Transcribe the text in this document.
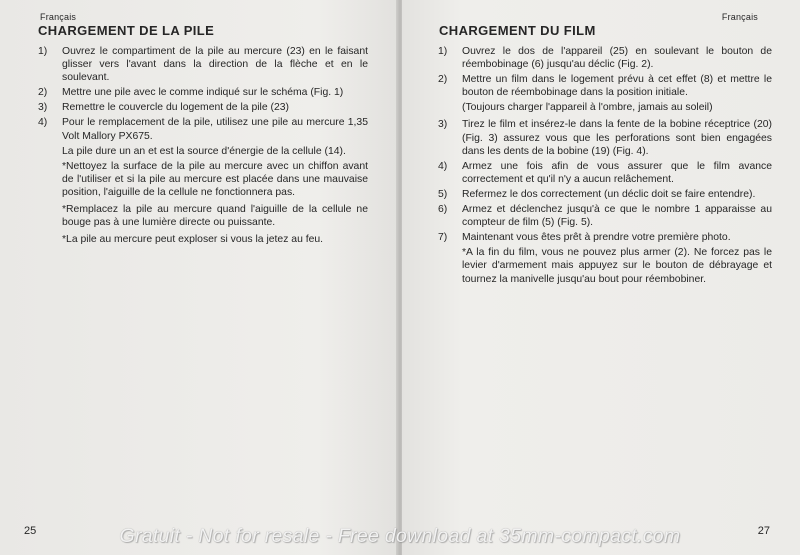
Français
CHARGEMENT DE LA PILE
1)	Ouvrez le compartiment de la pile au mercure (23) en le faisant glisser vers l'avant dans la direction de la flèche et en le soulevant.
2)	Mettre une pile avec le comme indiqué sur le schéma (Fig. 1)
3)	Remettre le couvercle du logement de la pile (23)
4)	Pour le remplacement de la pile, utilisez une pile au mercure 1,35 Volt Mallory PX675.

La pile dure un an et est la source d'énergie de la cellule (14).

*Nettoyez la surface de la pile au mercure avec un chiffon avant de l'utiliser et si la pile au mercure est placée dans une mauvaise position, l'aiguille de la cellule ne fonctionnera pas.

*Remplacez la pile au mercure quand l'aiguille de la cellule ne bouge pas à une lumière directe ou puissante.

*La pile au mercure peut exploser si vous la jetez au feu.

25
Français
CHARGEMENT DU FILM
1)	Ouvrez le dos de l'appareil (25) en soulevant le bouton de réembobinage (6) jusqu'au déclic (Fig. 2).
2)	Mettre un film dans le logement prévu à cet effet (8) et mettre le bouton de réembobinage dans la position initiale.

(Toujours charger l'appareil à l'ombre, jamais au soleil)

3)	Tirez le film et insérez-le dans la fente de la bobine réceptrice (20) (Fig. 3) assurez vous que les perforations sont bien engagées dans les dents de la bobine (19) (Fig. 4).
4)	Armez une fois afin de vous assurer que le film avance correctement et qu'il n'y a aucun relâchement.
5)	Refermez le dos correctement (un déclic doit se faire entendre).
6)	Armez et déclenchez jusqu'à ce que le nombre 1 apparaisse au compteur de film (5) (Fig. 5).
7)	Maintenant vous êtes prêt à prendre votre première photo.

*A la fin du film, vous ne pouvez plus armer (2). Ne forcez pas le levier d'armement mais appuyez sur le bouton de débrayage et tournez la manivelle jusqu'au bout pour réembobiner.

27
Gratuit - Not for resale - Free download at 35mm-compact.com
